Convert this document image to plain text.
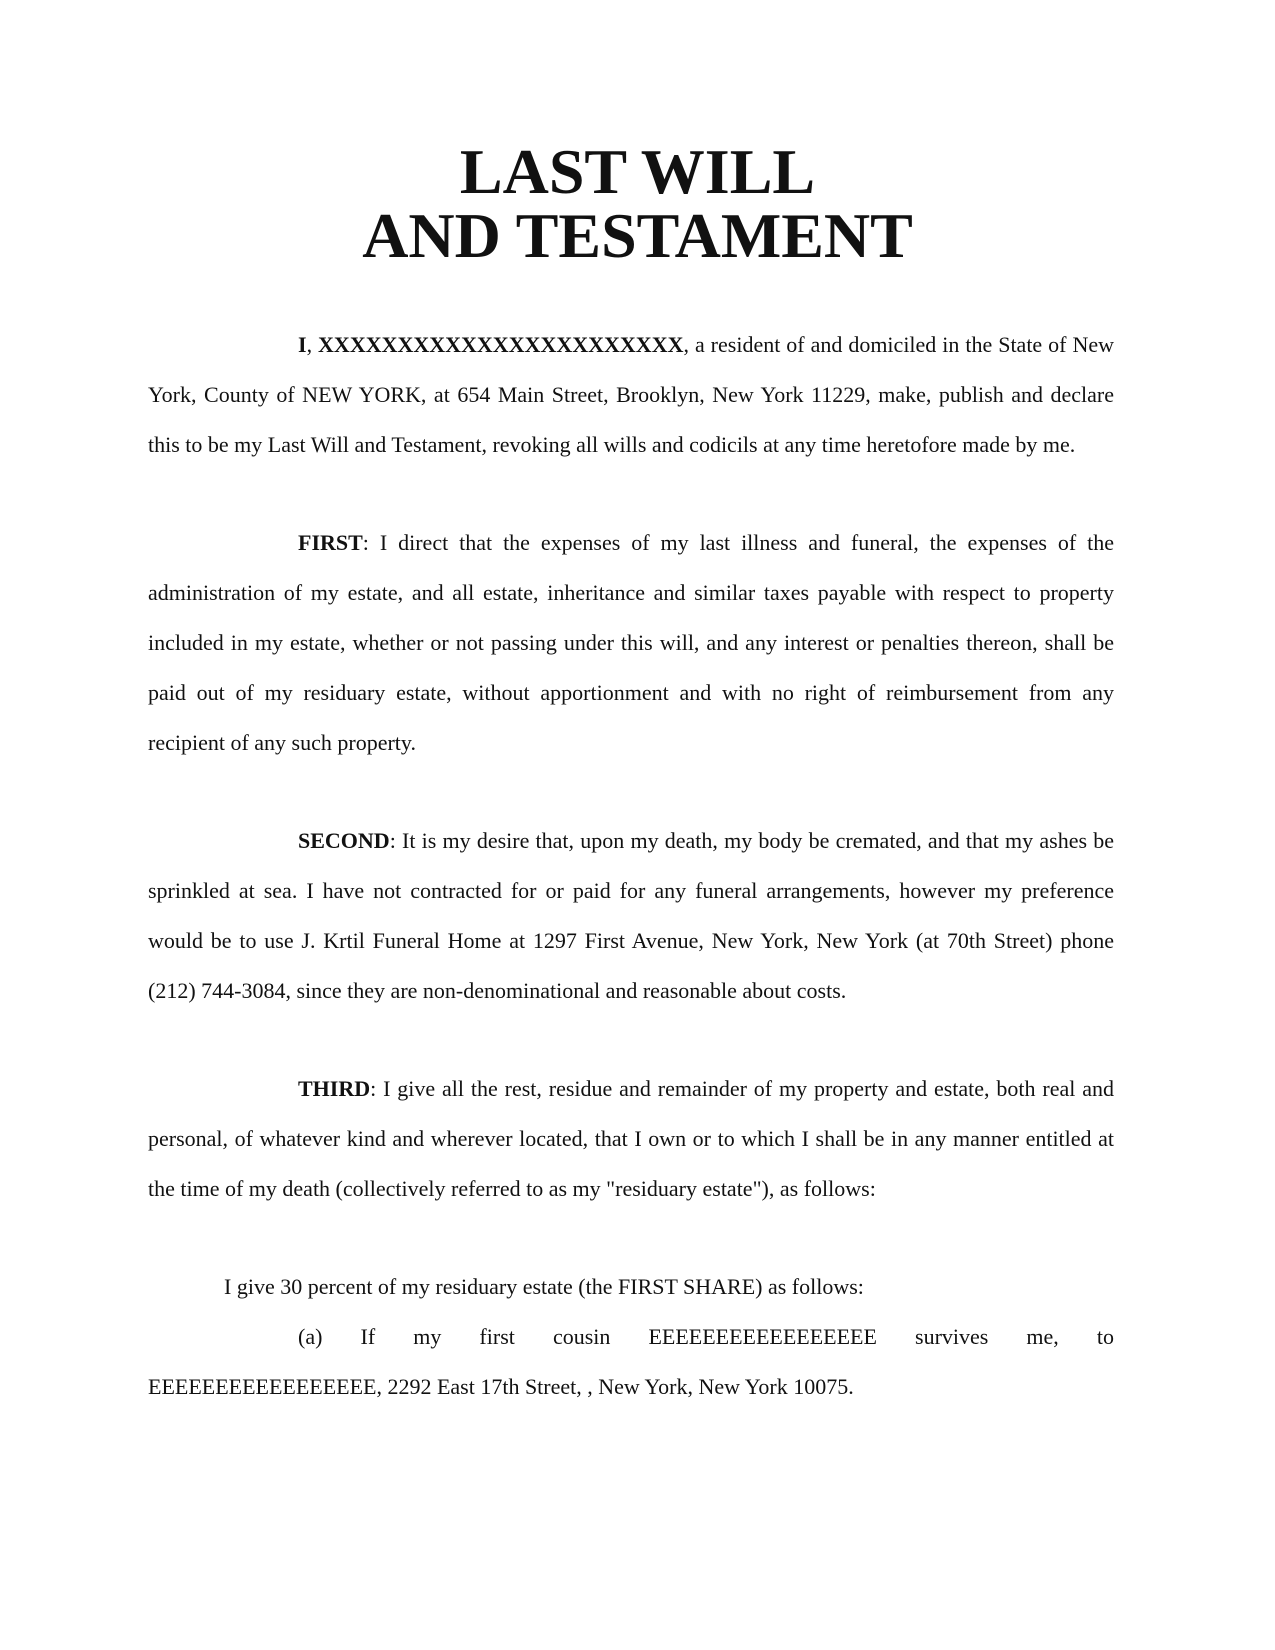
LAST WILL
AND TESTAMENT

I, XXXXXXXXXXXXXXXXXXXXXXX, a resident of and domiciled in the State of New York, County of NEW YORK, at 654 Main Street, Brooklyn, New York 11229, make, publish and declare this to be my Last Will and Testament, revoking all wills and codicils at any time heretofore made by me.

FIRST: I direct that the expenses of my last illness and funeral, the expenses of the administration of my estate, and all estate, inheritance and similar taxes payable with respect to property included in my estate, whether or not passing under this will, and any interest or penalties thereon, shall be paid out of my residuary estate, without apportionment and with no right of reimbursement from any recipient of any such property.

SECOND: It is my desire that, upon my death, my body be cremated, and that my ashes be sprinkled at sea. I have not contracted for or paid for any funeral arrangements, however my preference would be to use J. Krtil Funeral Home at 1297 First Avenue, New York, New York (at 70th Street) phone (212) 744-3084, since they are non-denominational and reasonable about costs.

THIRD: I give all the rest, residue and remainder of my property and estate, both real and personal, of whatever kind and wherever located, that I own or to which I shall be in any manner entitled at the time of my death (collectively referred to as my "residuary estate"), as follows:

I give 30 percent of my residuary estate (the FIRST SHARE) as follows:

(a) If my first cousin EEEEEEEEEEEEEEEEE survives me, to

EEEEEEEEEEEEEEEEE, 2292 East 17th Street, , New York, New York 10075.
